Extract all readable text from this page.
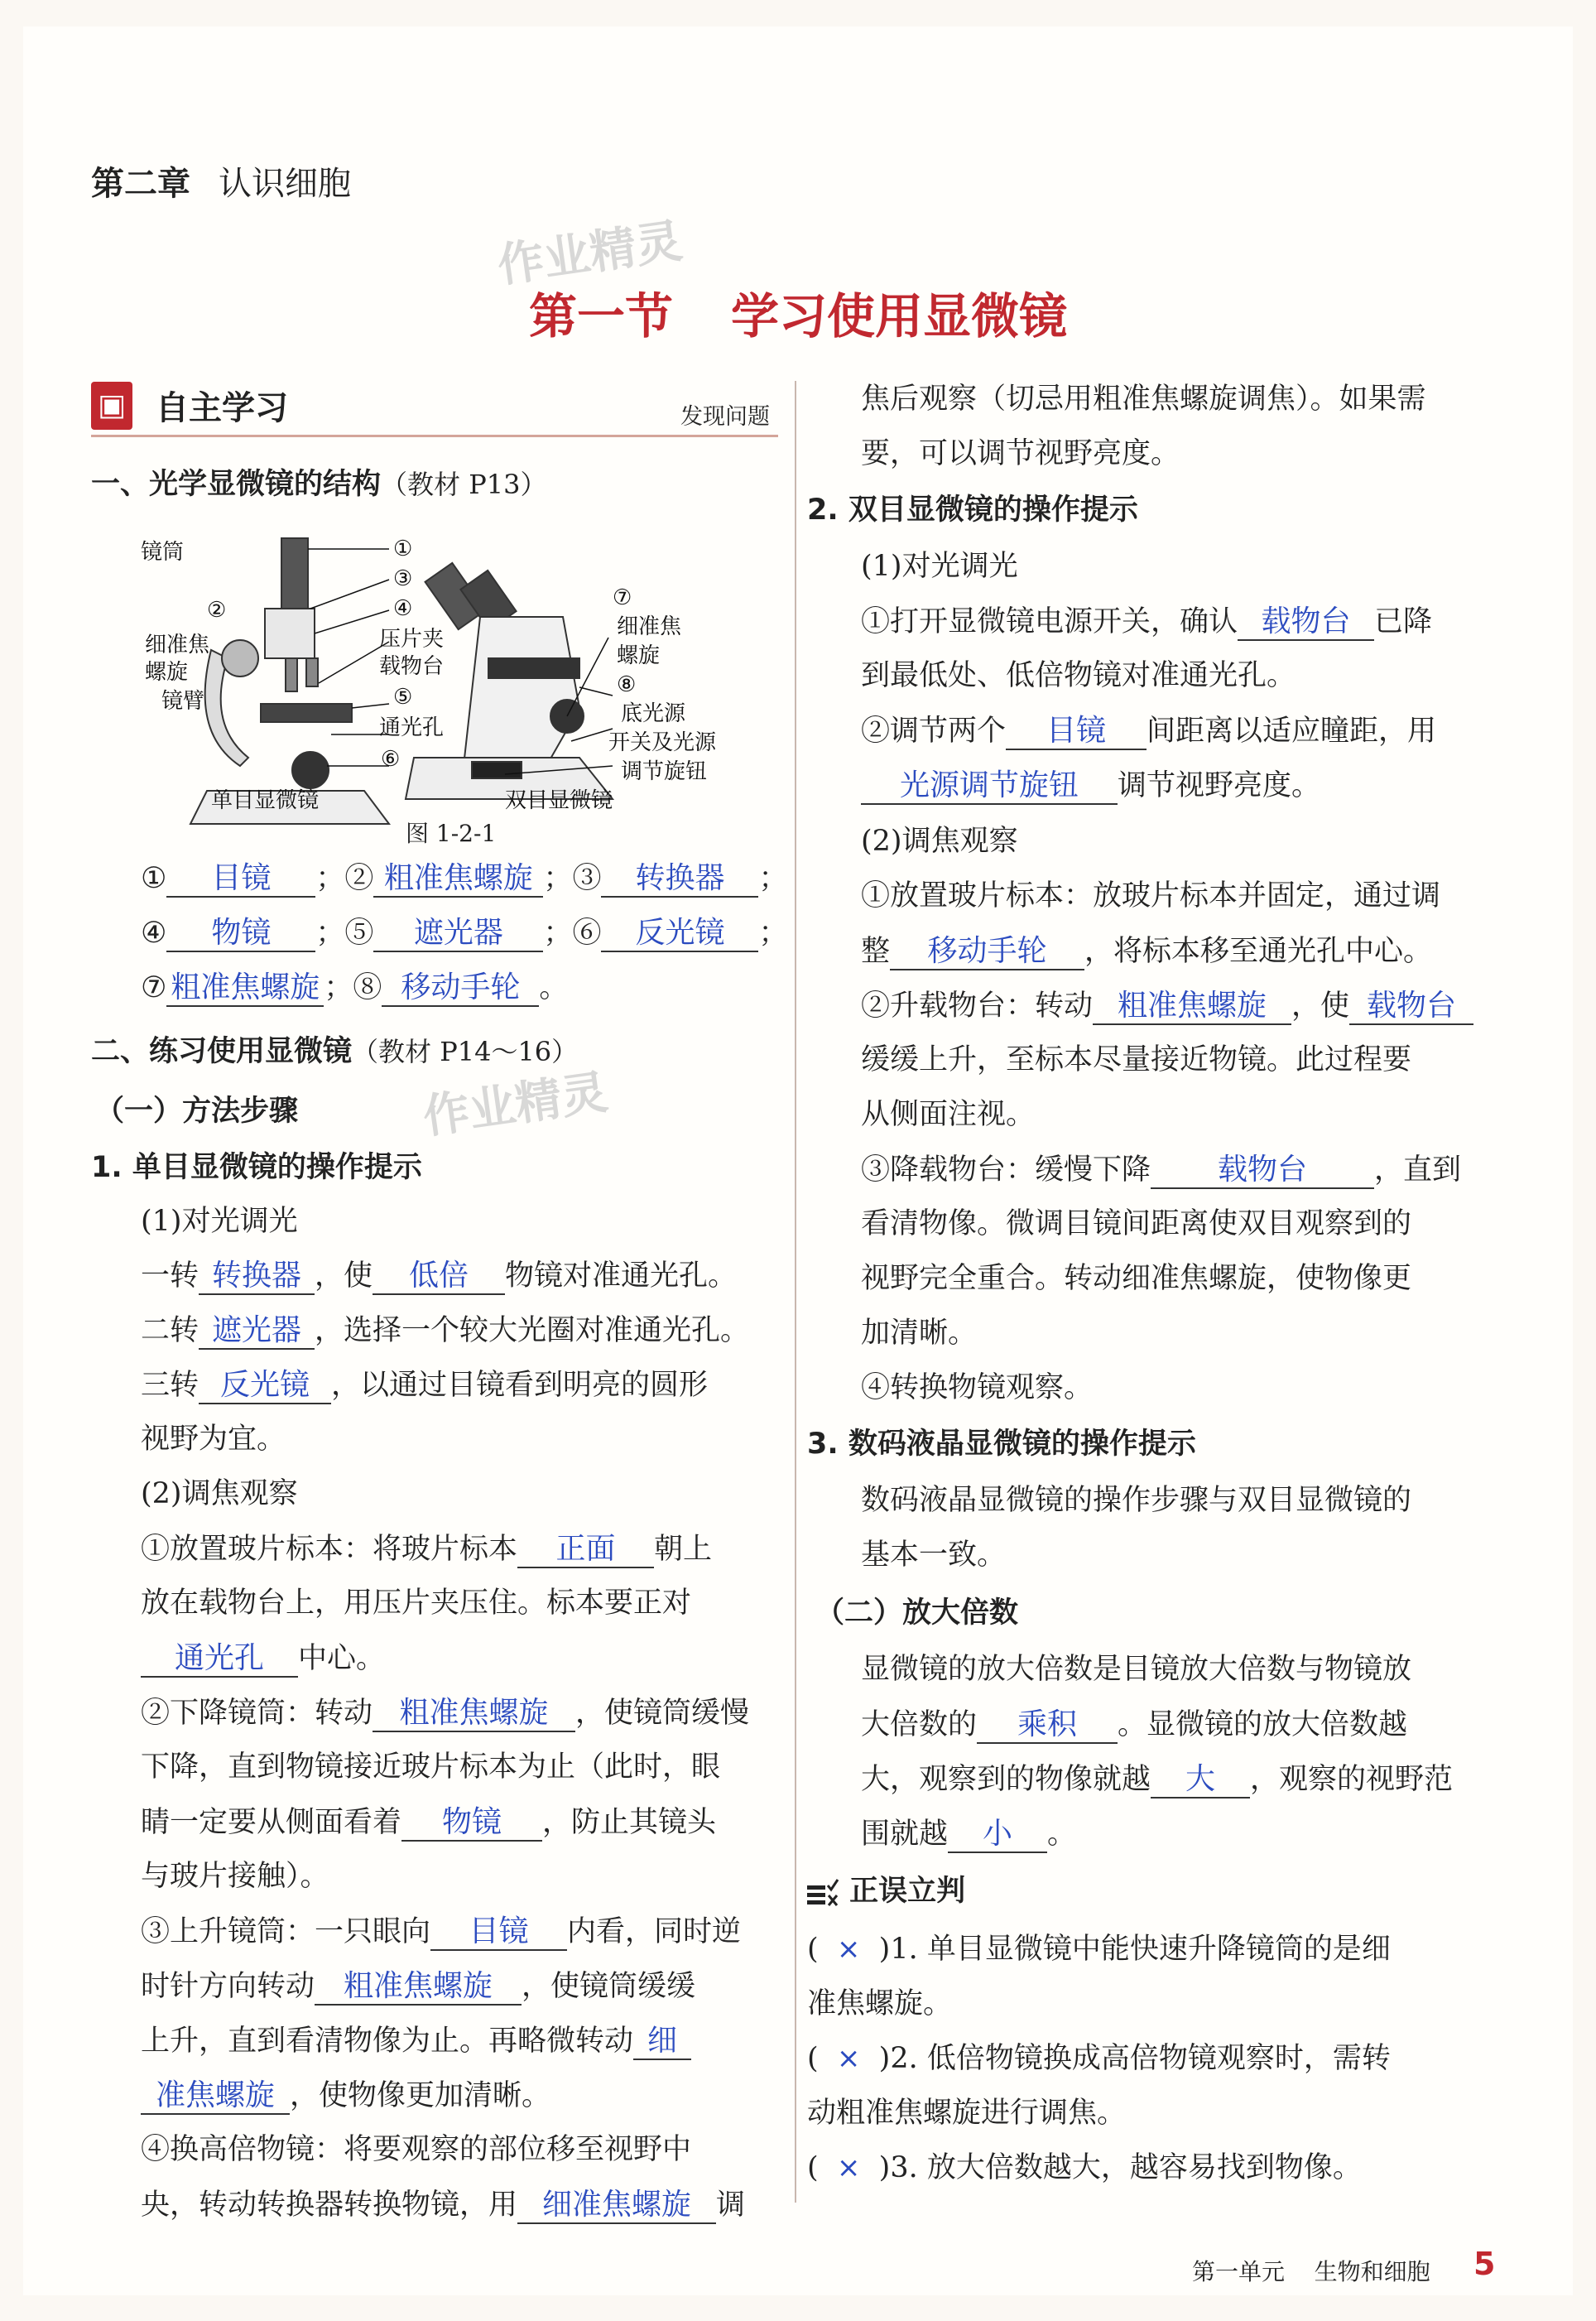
第二章 认识细胞
作业精灵
作业精灵
第一节 学习使用显微镜
▣ 自主学习	发现问题
一、光学显微镜的结构（教材 P13）
镜筒
②
细准焦
螺旋
镜臂
①
③
④
压片夹
载物台
⑤
通光孔
⑥
⑦
细准焦
螺旋
⑧
底光源
开关及光源
调节旋钮
单目显微镜	双目显微镜
图 1-2-1
① 目镜 ；② 粗准焦螺旋 ；③ 转换器 ；
④ 物镜 ；⑤ 遮光器 ；⑥ 反光镜 ；
⑦ 粗准焦螺旋 ；⑧ 移动手轮 。
二、练习使用显微镜（教材 P14～16）
（一）方法步骤
1. 单目显微镜的操作提示
(1)对光调光
一转 转换器 ，使 低倍 物镜对准通光孔。
二转 遮光器 ，选择一个较大光圈对准通光孔。
三转 反光镜 ，以通过目镜看到明亮的圆形
视野为宜。
(2)调焦观察
①放置玻片标本：将玻片标本 正面 朝上
放在载物台上，用压片夹压住。标本要正对
通光孔 中心。
②下降镜筒：转动 粗准焦螺旋 ，使镜筒缓慢
下降，直到物镜接近玻片标本为止（此时，眼
睛一定要从侧面看着 物镜 ，防止其镜头
与玻片接触）。
③上升镜筒：一只眼向 目镜 内看，同时逆
时针方向转动 粗准焦螺旋 ，使镜筒缓缓
上升，直到看清物像为止。再略微转动 细
准焦螺旋 ，使物像更加清晰。
④换高倍物镜：将要观察的部位移至视野中
央，转动转换器转换物镜，用 细准焦螺旋 调
焦后观察（切忌用粗准焦螺旋调焦）。如果需
要，可以调节视野亮度。
2. 双目显微镜的操作提示
(1)对光调光
①打开显微镜电源开关，确认 载物台 已降
到最低处、低倍物镜对准通光孔。
②调节两个 目镜 间距离以适应瞳距，用
光源调节旋钮 调节视野亮度。
(2)调焦观察
①放置玻片标本：放玻片标本并固定，通过调
整 移动手轮 ，将标本移至通光孔中心。
②升载物台：转动 粗准焦螺旋 ，使 载物台
缓缓上升，至标本尽量接近物镜。此过程要
从侧面注视。
③降载物台：缓慢下降 载物台 ，直到
看清物像。微调目镜间距离使双目观察到的
视野完全重合。转动细准焦螺旋，使物像更
加清晰。
④转换物镜观察。
3. 数码液晶显微镜的操作提示
数码液晶显微镜的操作步骤与双目显微镜的
基本一致。
（二）放大倍数
显微镜的放大倍数是目镜放大倍数与物镜放
大倍数的 乘积 。显微镜的放大倍数越
大，观察到的物像就越 大 ，观察的视野范
围就越 小 。
正误立判
(  × )1. 单目显微镜中能快速升降镜筒的是细
准焦螺旋。
(  × )2. 低倍物镜换成高倍物镜观察时，需转
动粗准焦螺旋进行调焦。
(  × )3. 放大倍数越大，越容易找到物像。
第一单元    生物和细胞 5
